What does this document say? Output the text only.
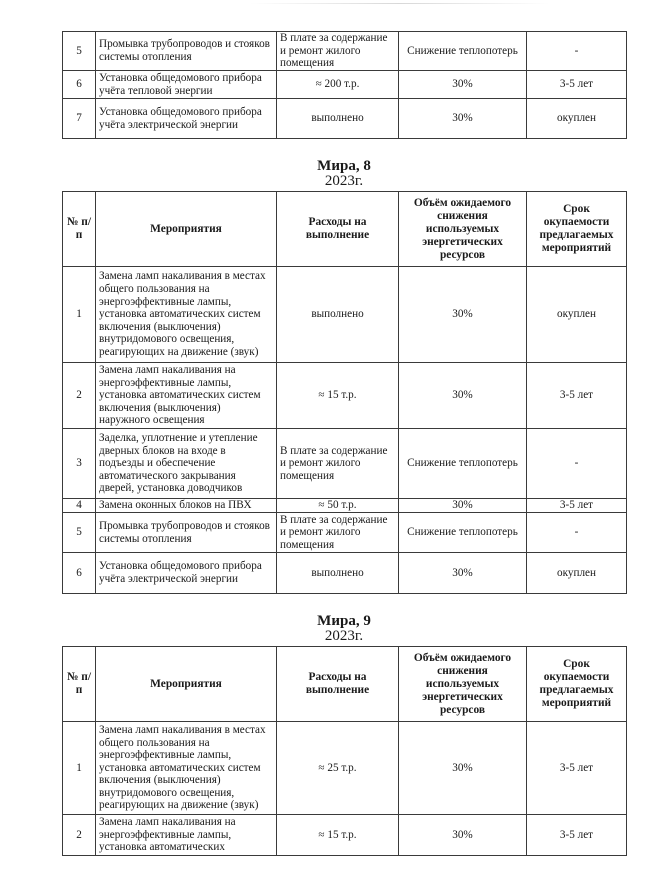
5	Промывка трубопроводов и стояков системы отопления	В плате за содержание и ремонт жилого помещения	Снижение теплопотерь	-
6	Установка общедомового прибора учёта тепловой энергии	≈ 200 т.р.	30%	3-5 лет
7	Установка общедомового прибора учёта электрической энергии	выполнено	30%	окуплен
Мира, 8
2023г.
№ п/п	Мероприятия	Расходы на выполнение	Объём ожидаемого снижения используемых энергетических ресурсов	Срок окупаемости предлагаемых мероприятий
1	Замена ламп накаливания в местах общего пользования на энергоэффективные лампы, установка автоматических систем включения (выключения) внутридомового освещения, реагирующих на движение (звук)	выполнено	30%	окуплен
2	Замена ламп накаливания на энергоэффективные лампы, установка автоматических систем включения (выключения) наружного освещения	≈ 15 т.р.	30%	3-5 лет
3	Заделка, уплотнение и утепление дверных блоков на входе в подъезды и обеспечение автоматического закрывания дверей, установка доводчиков	В плате за содержание и ремонт жилого помещения	Снижение теплопотерь	-
4	Замена оконных блоков на ПВХ	≈ 50 т.р.	30%	3-5 лет
5	Промывка трубопроводов и стояков системы отопления	В плате за содержание и ремонт жилого помещения	Снижение теплопотерь	-
6	Установка общедомового прибора учёта электрической энергии	выполнено	30%	окуплен
Мира, 9
2023г.
№ п/п	Мероприятия	Расходы на выполнение	Объём ожидаемого снижения используемых энергетических ресурсов	Срок окупаемости предлагаемых мероприятий
1	Замена ламп накаливания в местах общего пользования на энергоэффективные лампы, установка автоматических систем включения (выключения) внутридомового освещения, реагирующих на движение (звук)	≈ 25 т.р.	30%	3-5 лет
2	Замена ламп накаливания на энергоэффективные лампы, установка автоматических	≈ 15 т.р.	30%	3-5 лет
